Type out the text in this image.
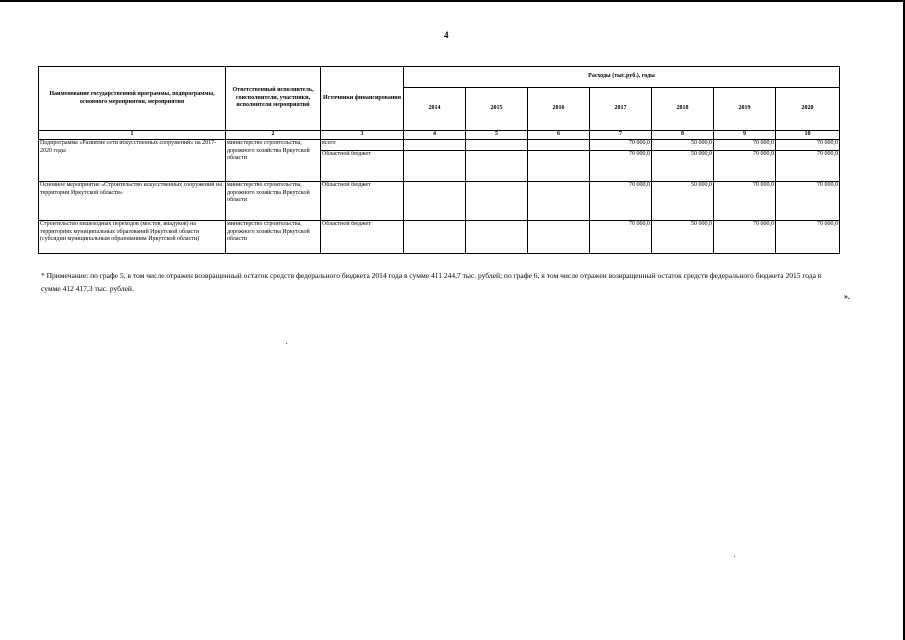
4
Наименование государственной программы, подпрограммы, основного мероприятия, мероприятия	Ответственный исполнитель, соисполнители, участники, исполнители мероприятий	Источники финансирования	Расходы (тыс.руб.), годы						
			2014	2015	2016	2017	2018	2019	2020
1	2	3	4	5	6	7	8	9	10
Подпрограмма «Развитие сети искусственных сооружений» на 2017-2020 годы	министерство строительства, дорожного хозяйства Иркутской области	всего				70 000,0	50 000,0	70 000,0	70 000,0
		Областной бюджет				70 000,0	50 000,0	70 000,0	70 000,0
Основное мероприятие «Строительство искусственных сооружений на территории Иркутской области»	министерство строительства, дорожного хозяйства Иркутской области	Областной бюджет				70 000,0	50 000,0	70 000,0	70 000,0
Строительство пешеходных переходов (мостов, виадуков) на территориях муниципальных образований Иркутской области (субсидии муниципальным образованиям Иркутской области)	министерство строительства, дорожного хозяйства Иркутской области	Областной бюджет				70 000,0	50 000,0	70 000,0	70 000,0
* Примечание: по графе 5, в том числе отражен возвращенный остаток средств федерального бюджета 2014 года в сумме 411 244,7 тыс. рублей; по графе 6, в том числе отражен возвращенный остаток средств федерального бюджета 2015 года в сумме 412 417,3 тыс. рублей.
».
